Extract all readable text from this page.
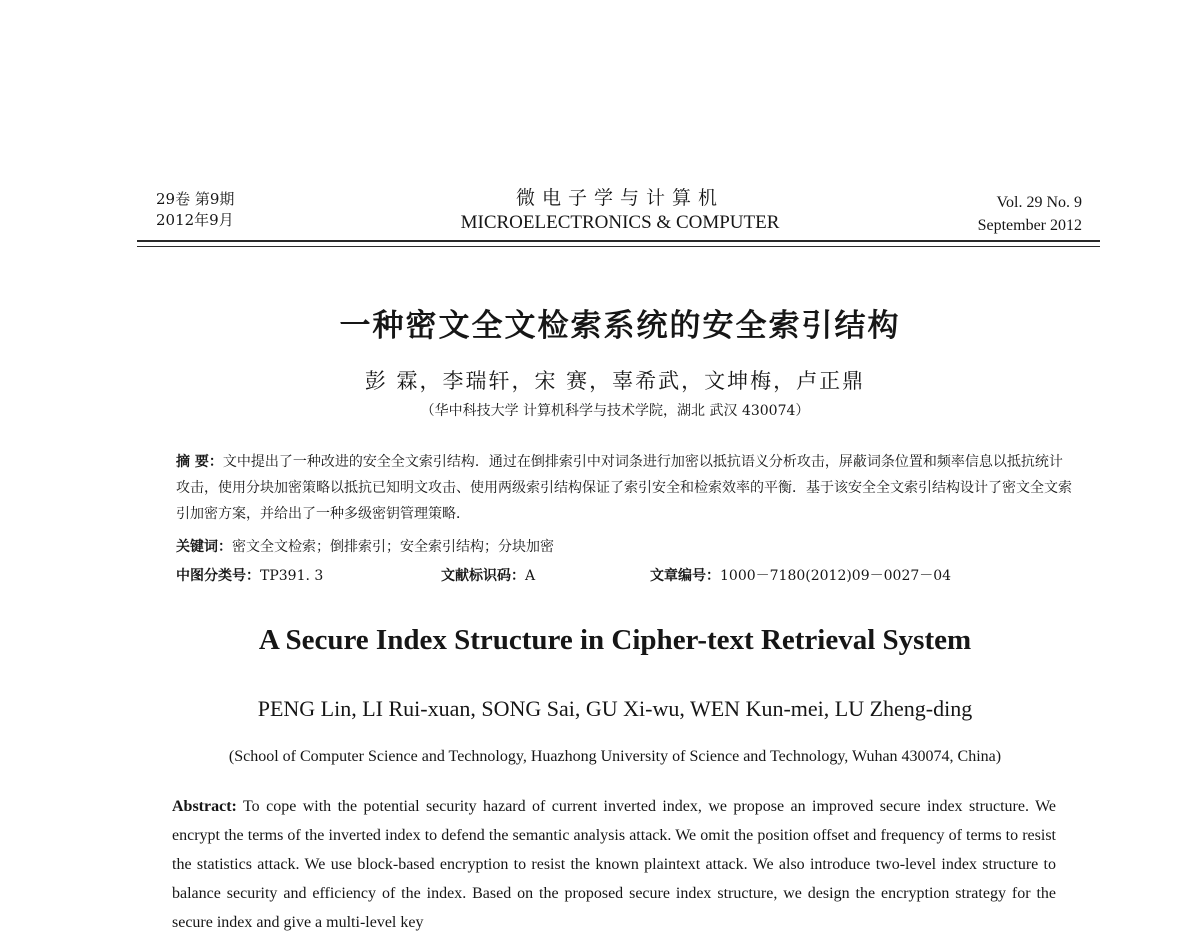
29卷 第9期
2012年9月
微电子学与计算机
MICROELECTRONICS & COMPUTER
Vol. 29 No. 9
September 2012
一种密文全文检索系统的安全索引结构
彭 霖，李瑞轩，宋 赛，辜希武，文坤梅，卢正鼎
（华中科技大学 计算机科学与技术学院，湖北 武汉 430074）
摘 要：文中提出了一种改进的安全全文索引结构．通过在倒排索引中对词条进行加密以抵抗语义分析攻击，屏蔽词条位置和频率信息以抵抗统计攻击，使用分块加密策略以抵抗已知明文攻击、使用两级索引结构保证了索引安全和检索效率的平衡．基于该安全全文索引结构设计了密文全文索引加密方案，并给出了一种多级密钥管理策略．
关键词：密文全文检索；倒排索引；安全索引结构；分块加密
中图分类号：TP391. 3	文献标识码：A	文章编号：1000－7180(2012)09－0027－04
A Secure Index Structure in Cipher-text Retrieval System
PENG Lin, LI Rui-xuan, SONG Sai, GU Xi-wu, WEN Kun-mei, LU Zheng-ding
(School of Computer Science and Technology, Huazhong University of Science and Technology, Wuhan 430074, China)
Abstract: To cope with the potential security hazard of current inverted index, we propose an improved secure index structure. We encrypt the terms of the inverted index to defend the semantic analysis attack. We omit the position offset and frequency of terms to resist the statistics attack. We use block-based encryption to resist the known plaintext attack. We also introduce two-level index structure to balance security and efficiency of the index. Based on the proposed secure index structure, we design the encryption strategy for the secure index and give a multi-level key
